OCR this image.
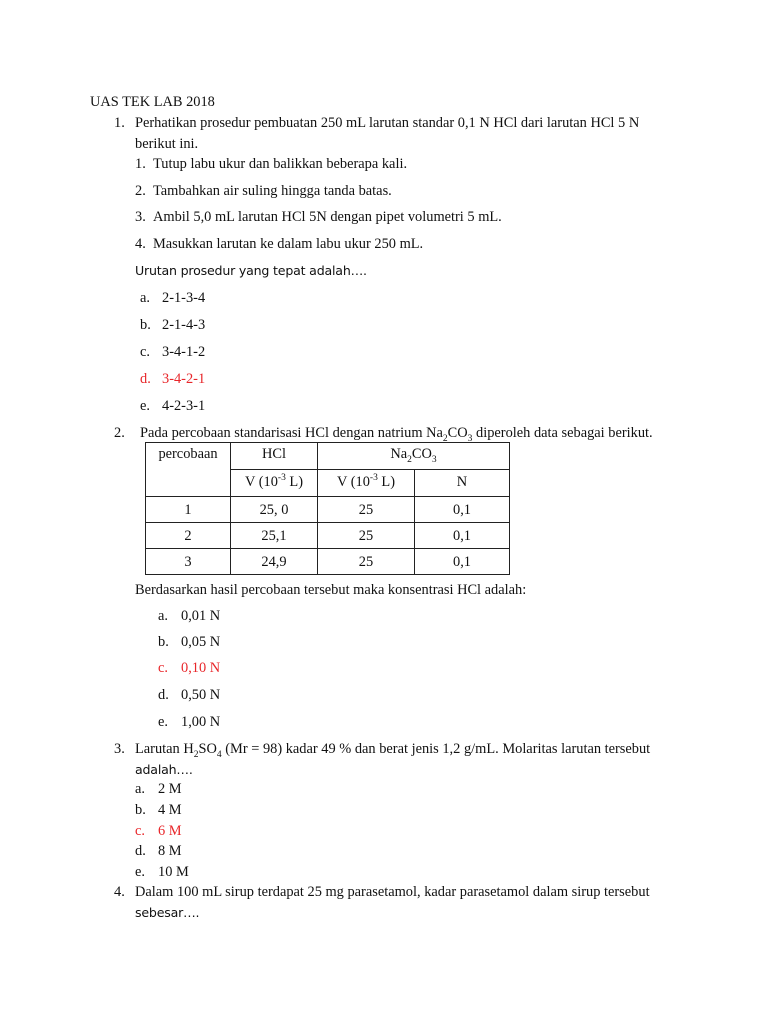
UAS TEK LAB 2018
1. Perhatikan prosedur pembuatan 250 mL larutan standar 0,1 N HCl dari larutan HCl 5 N
berikut ini.
1. Tutup labu ukur dan balikkan beberapa kali.
2. Tambahkan air suling hingga tanda batas.
3. Ambil 5,0 mL larutan HCl 5N dengan pipet volumetri 5 mL.
4. Masukkan larutan ke dalam labu ukur 250 mL.
Urutan prosedur yang tepat adalah….
a. 2-1-3-4
b. 2-1-4-3
c. 3-4-1-2
d. 3-4-2-1
e. 4-2-3-1
2. Pada percobaan standarisasi HCl dengan natrium $Na_2CO_3$ diperoleh data sebagai berikut.
percobaan	HCl	$Na_2CO_3$
	V ($10^{-3}$ L)	V ($10^{-3}$ L)	N
1	25, 0	25	0,1
2	25,1	25	0,1
3	24,9	25	0,1
Berdasarkan hasil percobaan tersebut maka konsentrasi HCl adalah:
a. 0,01 N
b. 0,05 N
c. 0,10 N
d. 0,50 N
e. 1,00 N
3. Larutan $H_2SO_4$ (Mr = 98) kadar 49 % dan berat jenis 1,2 g/mL. Molaritas larutan tersebut
adalah….
a. 2 M
b. 4 M
c. 6 M
d. 8 M
e. 10 M
4. Dalam 100 mL sirup terdapat 25 mg parasetamol, kadar parasetamol dalam sirup tersebut
sebesar….
